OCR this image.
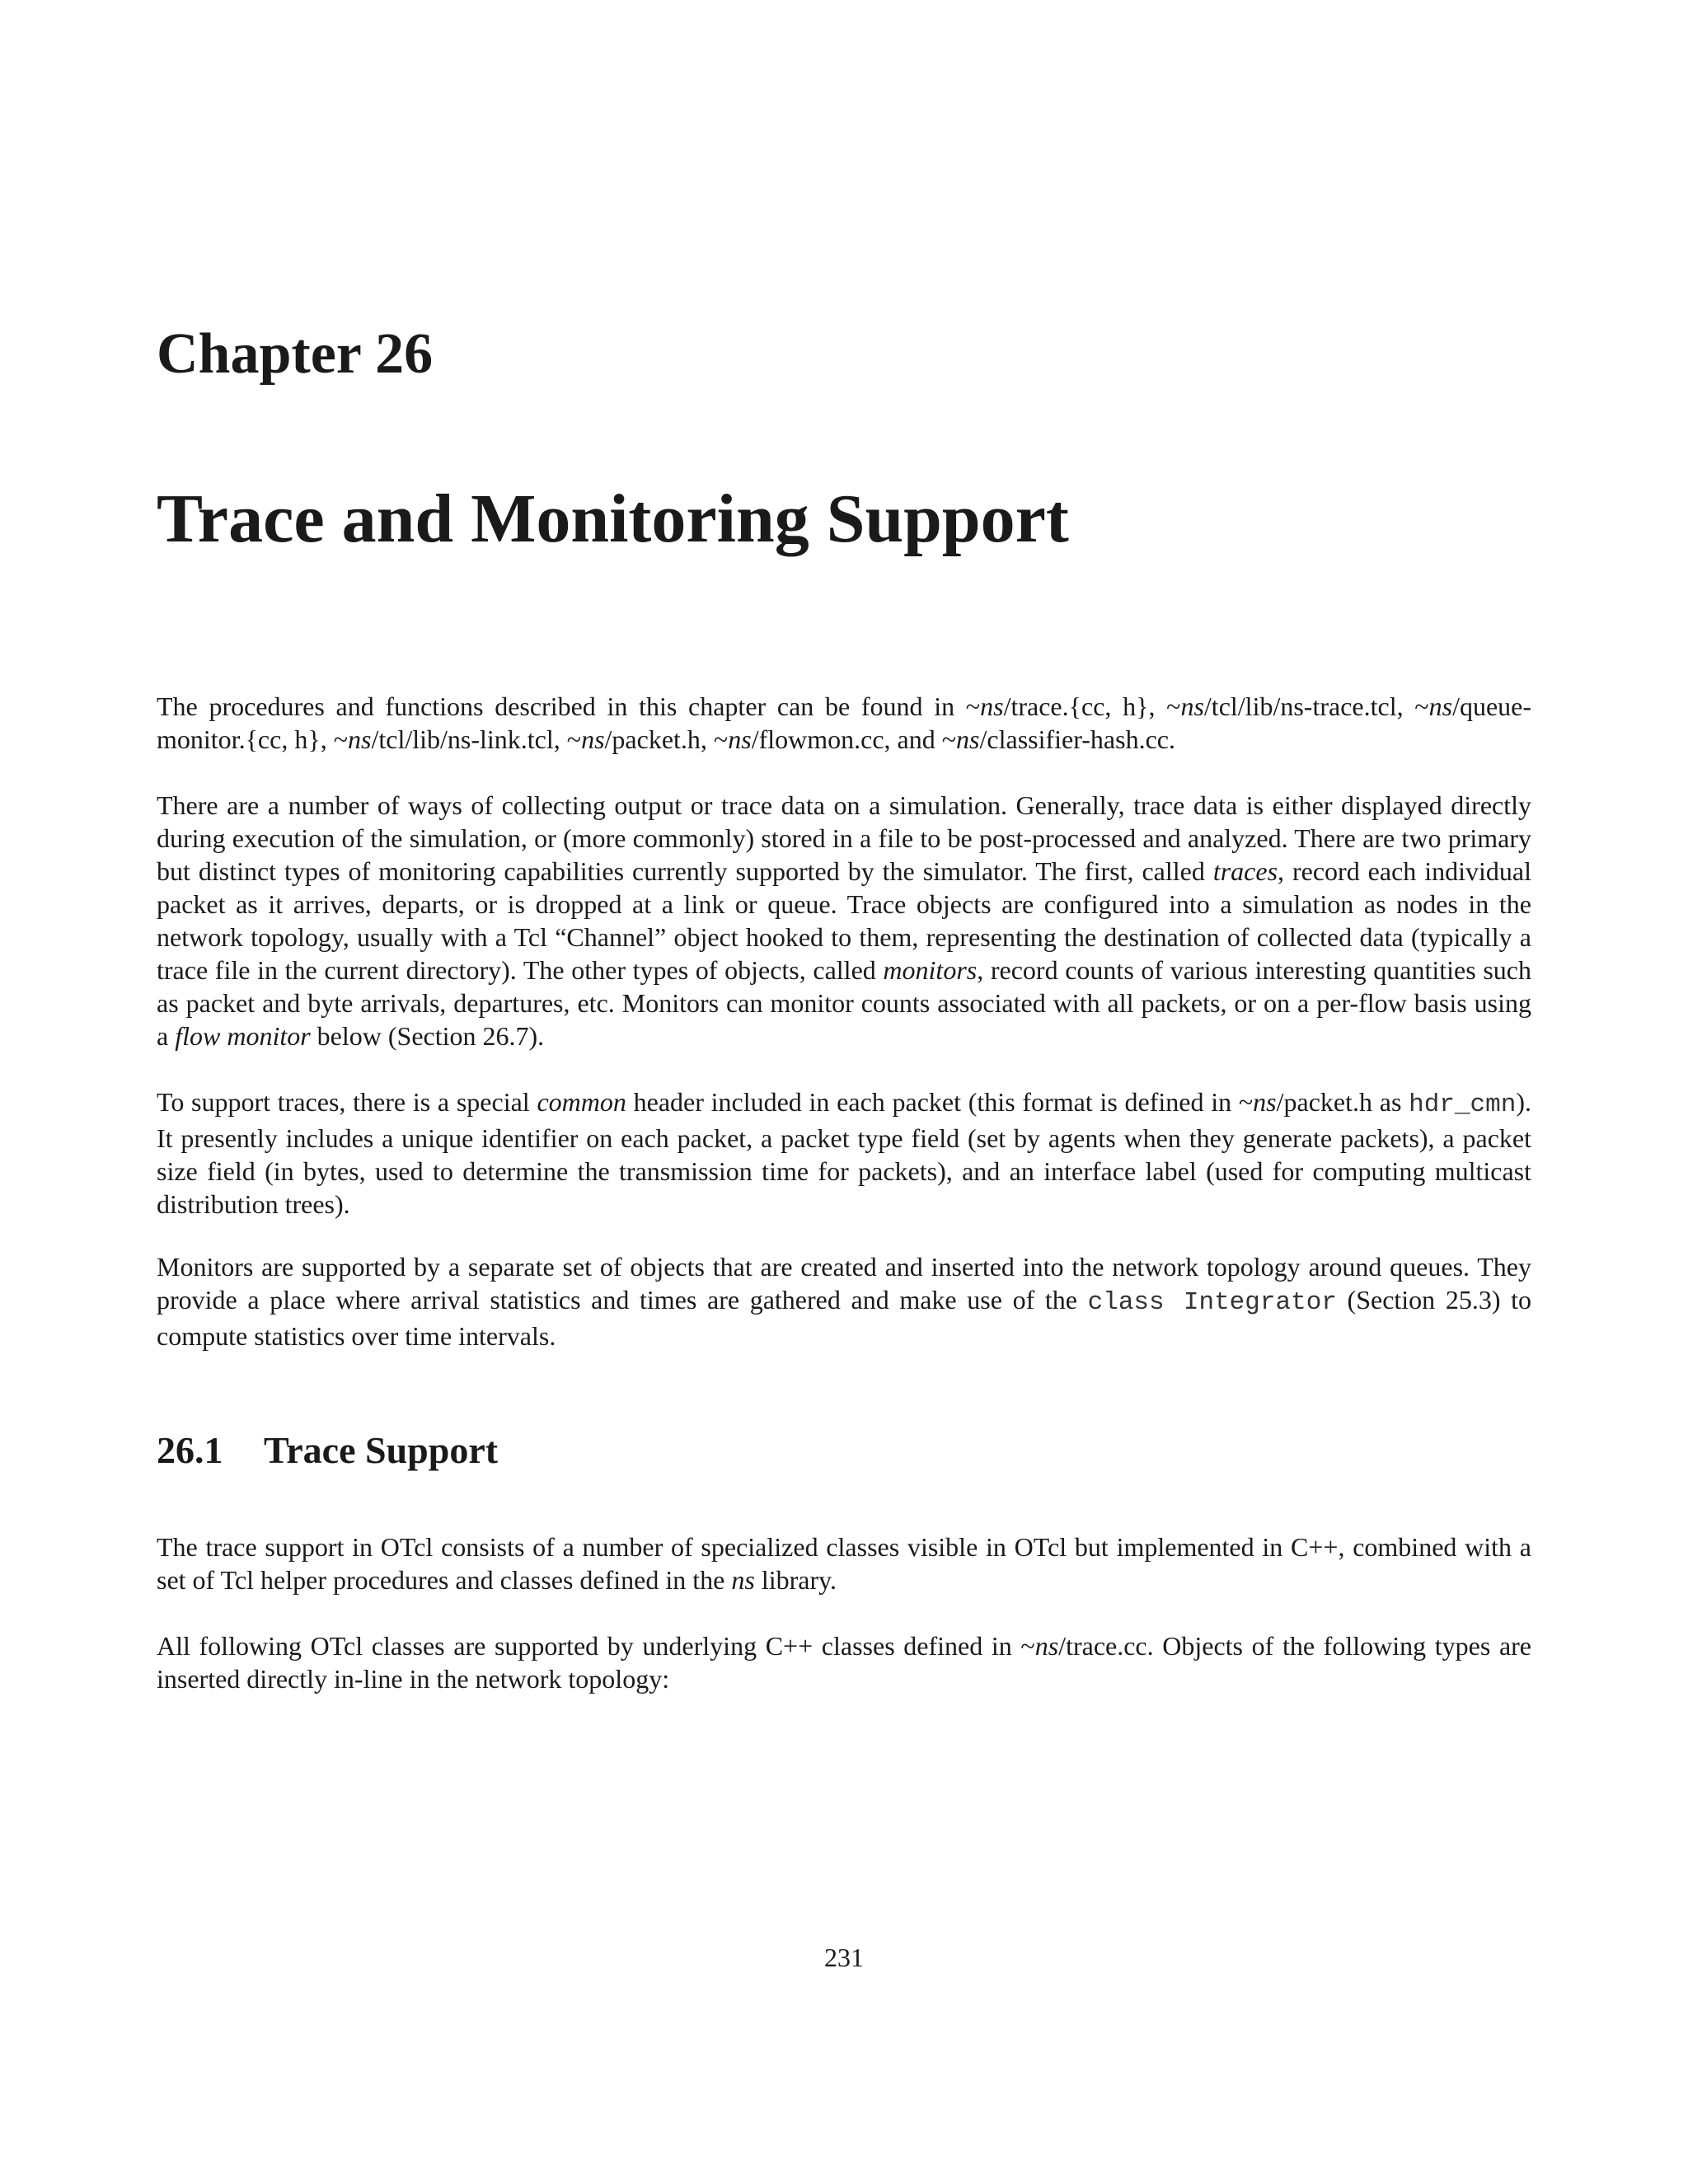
Chapter 26
Trace and Monitoring Support

The procedures and functions described in this chapter can be found in ~ns/trace.{cc, h}, ~ns/tcl/lib/ns-trace.tcl, ~ns/queue-monitor.{cc, h}, ~ns/tcl/lib/ns-link.tcl, ~ns/packet.h, ~ns/flowmon.cc, and ~ns/classifier-hash.cc.

There are a number of ways of collecting output or trace data on a simulation. Generally, trace data is either displayed directly during execution of the simulation, or (more commonly) stored in a file to be post-processed and analyzed. There are two primary but distinct types of monitoring capabilities currently supported by the simulator. The first, called traces, record each individual packet as it arrives, departs, or is dropped at a link or queue. Trace objects are configured into a simulation as nodes in the network topology, usually with a Tcl “Channel” object hooked to them, representing the destination of collected data (typically a trace file in the current directory). The other types of objects, called monitors, record counts of various interesting quantities such as packet and byte arrivals, departures, etc. Monitors can monitor counts associated with all packets, or on a per-flow basis using a flow monitor below (Section 26.7).

To support traces, there is a special common header included in each packet (this format is defined in ~ns/packet.h as hdr_cmn). It presently includes a unique identifier on each packet, a packet type field (set by agents when they generate packets), a packet size field (in bytes, used to determine the transmission time for packets), and an interface label (used for computing multicast distribution trees).

Monitors are supported by a separate set of objects that are created and inserted into the network topology around queues. They provide a place where arrival statistics and times are gathered and make use of the class Integrator (Section 25.3) to compute statistics over time intervals.

26.1 Trace Support

The trace support in OTcl consists of a number of specialized classes visible in OTcl but implemented in C++, combined with a set of Tcl helper procedures and classes defined in the ns library.

All following OTcl classes are supported by underlying C++ classes defined in ~ns/trace.cc. Objects of the following types are inserted directly in-line in the network topology:

231
